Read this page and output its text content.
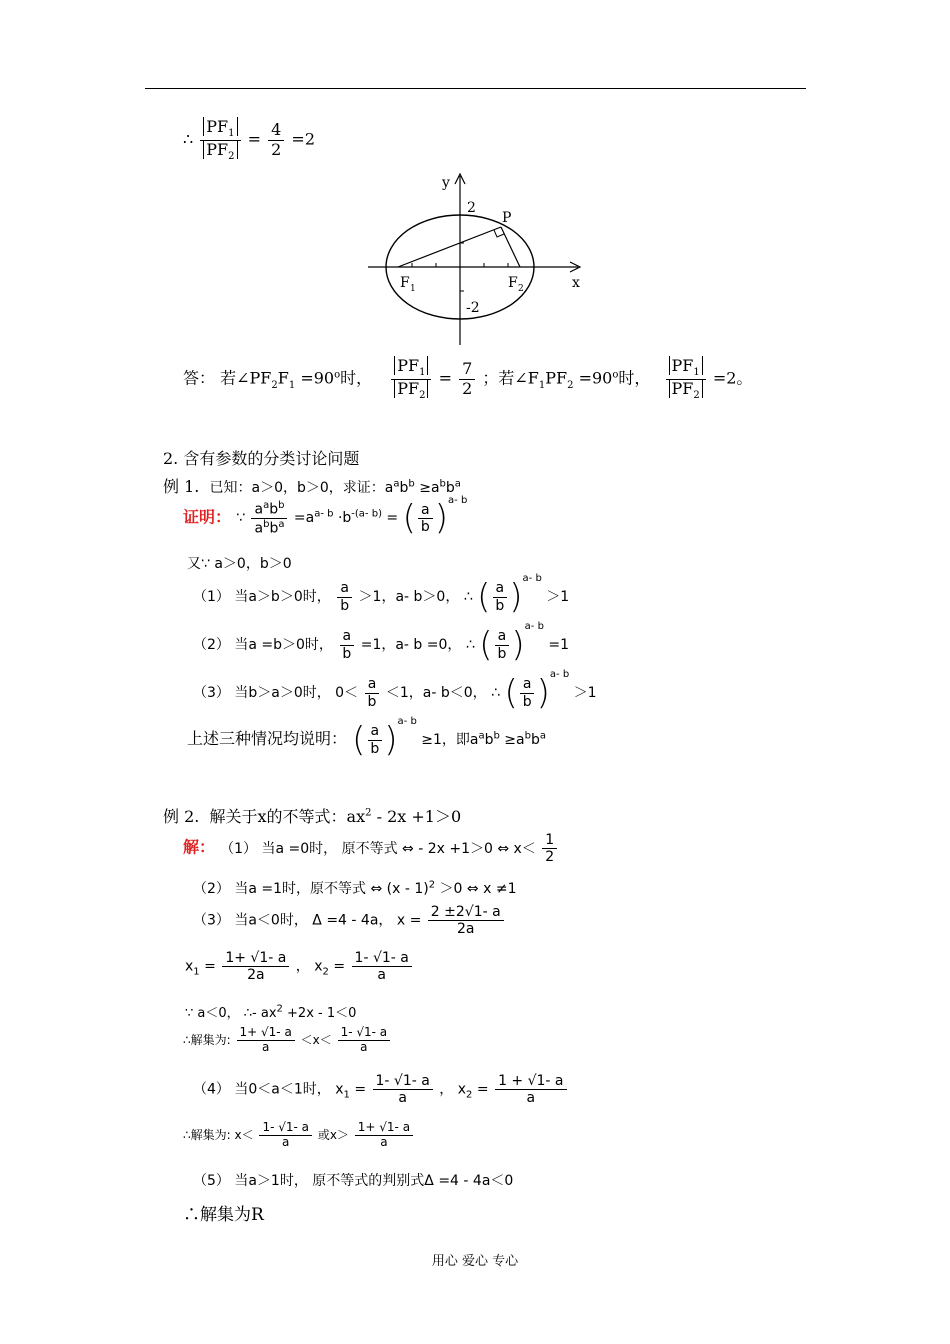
∴ $\frac{PF_1}{PF_2} = \frac{4}{2} =2$
y
x
2
-2
P
F 1	F 2
答： 若$\angle PF_2F_1 =90^o$时， $\frac{PF_1}{PF_2} = \frac{7}{2}$ ；若$\angle F_1PF_2 =90^o$时， $\frac{PF_1}{PF_2} =2$。
2. 含有参数的分类讨论问题
例 1. 已知：a＞0，b＞0，求证：$a^ab^b \ge a^bb^a$
证明： ∵ $\frac{a^ab^b}{a^bb^a} =a^{a- b} \cdot b^{-(a- b)}$ = ( $\frac{a}{b} )^{a- b}$
又∵ a＞0，b＞0
（1） 当a＞b＞0时， $\frac{a}{b} >1$，a- b＞0， ∴ ( $\frac{a}{b} )^{a- b} >1$
（2） 当a =b＞0时， $\frac{a}{b} =1$，a- b =0， ∴ ( $\frac{a}{b} )^{a- b} =1$
（3） 当b＞a＞0时， $0< \frac{a}{b} <1$，a- b＜0， ∴ ( $\frac{a}{b} )^{a- b} >1$
上述三种情况均说明： ( $\frac{a}{b} )^{a- b} \ge 1$，即$a^ab^b \ge a^bb^a$
例 2. 解关于x的不等式：$ax^2 - 2x +1>0$
解： （1） 当a =0时， 原不等式 ⇔ - 2x +1＞0 ⇔ $x< \frac{1}{2}$
（2） 当a =1时，原不等式 ⇔ (x - 1)$^2$ ＞0 ⇔ x ≠1
（3） 当a＜0时， Δ =4 - 4a， $x = \frac{2 \pm 2√1- a}{2a}$
$x_1 = \frac{1+ √1- a}{2a}$ ， $x_2 = \frac{1- √1- a}{a}$
∵ a＜0， ∴- $ax^2 +2x - 1<0$
∴解集为: $\frac{1+ √1- a}{a} <x< \frac{1- √1- a}{a}$
（4） 当0＜a＜1时， $x_1 = \frac{1- √1- a}{a}$ ， $x_2 = \frac{1 + √1- a}{a}$
∴解集为: $x< \frac{1- √1- a}{a}$ 或$x> \frac{1+ √1- a}{a}$
（5） 当a＞1时， 原不等式的判别式Δ =4 - 4a＜0
∴解集为R
用心 爱心 专心
